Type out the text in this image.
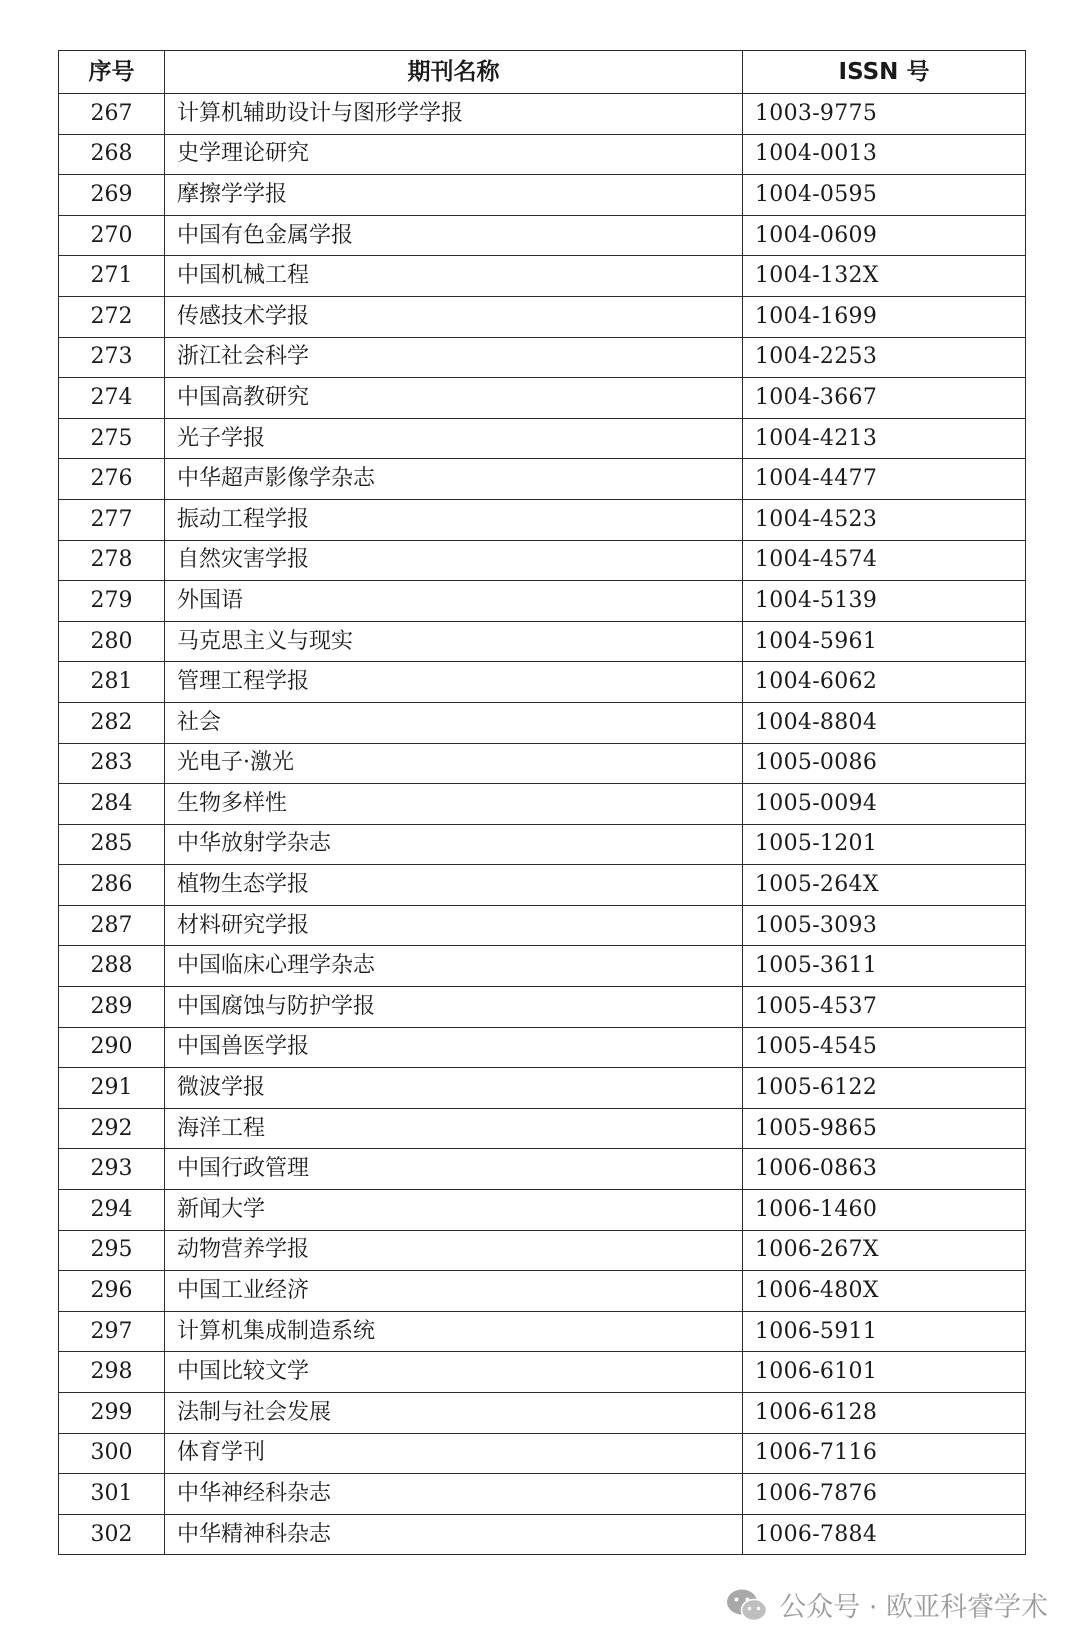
序号	期刊名称	ISSN 号
267	计算机辅助设计与图形学学报	1003-9775
268	史学理论研究	1004-0013
269	摩擦学学报	1004-0595
270	中国有色金属学报	1004-0609
271	中国机械工程	1004-132X
272	传感技术学报	1004-1699
273	浙江社会科学	1004-2253
274	中国高教研究	1004-3667
275	光子学报	1004-4213
276	中华超声影像学杂志	1004-4477
277	振动工程学报	1004-4523
278	自然灾害学报	1004-4574
279	外国语	1004-5139
280	马克思主义与现实	1004-5961
281	管理工程学报	1004-6062
282	社会	1004-8804
283	光电子·激光	1005-0086
284	生物多样性	1005-0094
285	中华放射学杂志	1005-1201
286	植物生态学报	1005-264X
287	材料研究学报	1005-3093
288	中国临床心理学杂志	1005-3611
289	中国腐蚀与防护学报	1005-4537
290	中国兽医学报	1005-4545
291	微波学报	1005-6122
292	海洋工程	1005-9865
293	中国行政管理	1006-0863
294	新闻大学	1006-1460
295	动物营养学报	1006-267X
296	中国工业经济	1006-480X
297	计算机集成制造系统	1006-5911
298	中国比较文学	1006-6101
299	法制与社会发展	1006-6128
300	体育学刊	1006-7116
301	中华神经科杂志	1006-7876
302	中华精神科杂志	1006-7884
公众号 · 欧亚科睿学术
